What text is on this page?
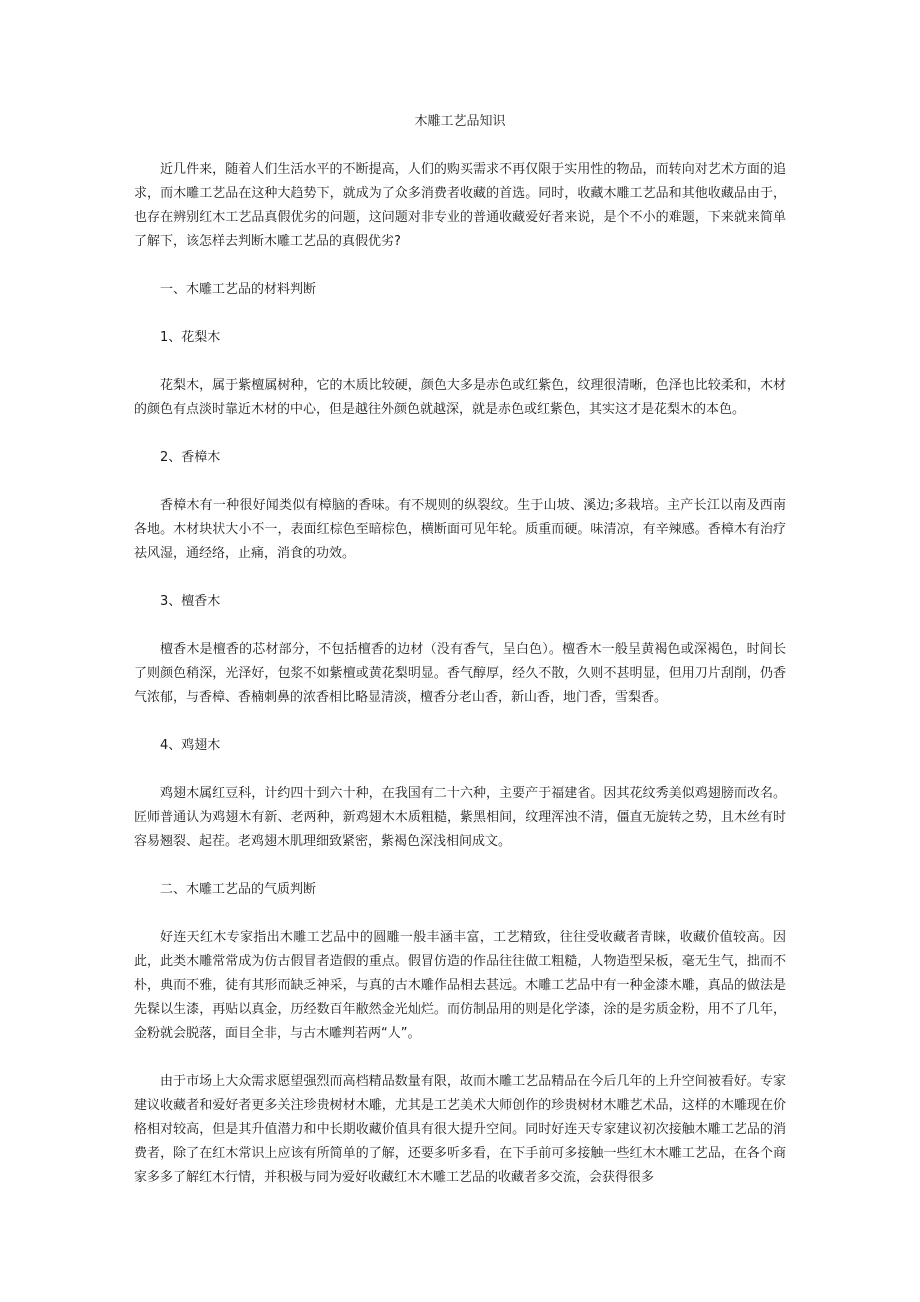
木雕工艺品知识

近几件来，随着人们生活水平的不断提高，人们的购买需求不再仅限于实用性的物品，而转向对艺术方面的追求，而木雕工艺品在这种大趋势下，就成为了众多消费者收藏的首选。同时，收藏木雕工艺品和其他收藏品由于，也存在辨别红木工艺品真假优劣的问题，这问题对非专业的普通收藏爱好者来说，是个不小的难题，下来就来简单了解下，该怎样去判断木雕工艺品的真假优劣?

一、木雕工艺品的材料判断

1、花梨木

花梨木，属于紫檀属树种，它的木质比较硬，颜色大多是赤色或红紫色，纹理很清晰，色泽也比较柔和，木材的颜色有点淡时靠近木材的中心，但是越往外颜色就越深，就是赤色或红紫色，其实这才是花梨木的本色。

2、香樟木

香樟木有一种很好闻类似有樟脑的香味。有不规则的纵裂纹。生于山坡、溪边;多栽培。主产长江以南及西南各地。木材块状大小不一，表面红棕色至暗棕色，横断面可见年轮。质重而硬。味清凉，有辛辣感。香樟木有治疗祛风湿，通经络，止痛，消食的功效。

3、檀香木

檀香木是檀香的芯材部分，不包括檀香的边材（没有香气，呈白色）。檀香木一般呈黄褐色或深褐色，时间长了则颜色稍深，光泽好，包浆不如紫檀或黄花梨明显。香气醇厚，经久不散，久则不甚明显，但用刀片刮削，仍香气浓郁，与香樟、香楠刺鼻的浓香相比略显清淡，檀香分老山香，新山香，地门香，雪梨香。

4、鸡翅木

鸡翅木属红豆科，计约四十到六十种，在我国有二十六种，主要产于福建省。因其花纹秀美似鸡翅膀而改名。匠师普通认为鸡翅木有新、老两种，新鸡翅木木质粗糙，紫黑相间，纹理浑浊不清，僵直无旋转之势，且木丝有时容易翘裂、起茬。老鸡翅木肌理细致紧密，紫褐色深浅相间成文。

二、木雕工艺品的气质判断

好连天红木专家指出木雕工艺品中的圆雕一般丰涵丰富，工艺精致，往往受收藏者青睐，收藏价值较高。因此，此类木雕常常成为仿古假冒者造假的重点。假冒仿造的作品往往做工粗糙，人物造型呆板，毫无生气，拙而不朴，典而不雅，徒有其形而缺乏神采，与真的古木雕作品相去甚远。木雕工艺品中有一种金漆木雕，真品的做法是先髹以生漆，再贴以真金，历经数百年敝然金光灿烂。而仿制品用的则是化学漆，涂的是劣质金粉，用不了几年，金粉就会脱落，面目全非，与古木雕判若两“人”。

由于市场上大众需求愿望强烈而高档精品数量有限，故而木雕工艺品精品在今后几年的上升空间被看好。专家建议收藏者和爱好者更多关注珍贵树材木雕，尤其是工艺美术大师创作的珍贵树材木雕艺术品，这样的木雕现在价格相对较高，但是其升值潜力和中长期收藏价值具有很大提升空间。同时好连天专家建议初次接触木雕工艺品的消费者，除了在红木常识上应该有所简单的了解，还要多听多看，在下手前可多接触一些红木木雕工艺品，在各个商家多多了解红木行情，并积极与同为爱好收藏红木木雕工艺品的收藏者多交流，会获得很多
